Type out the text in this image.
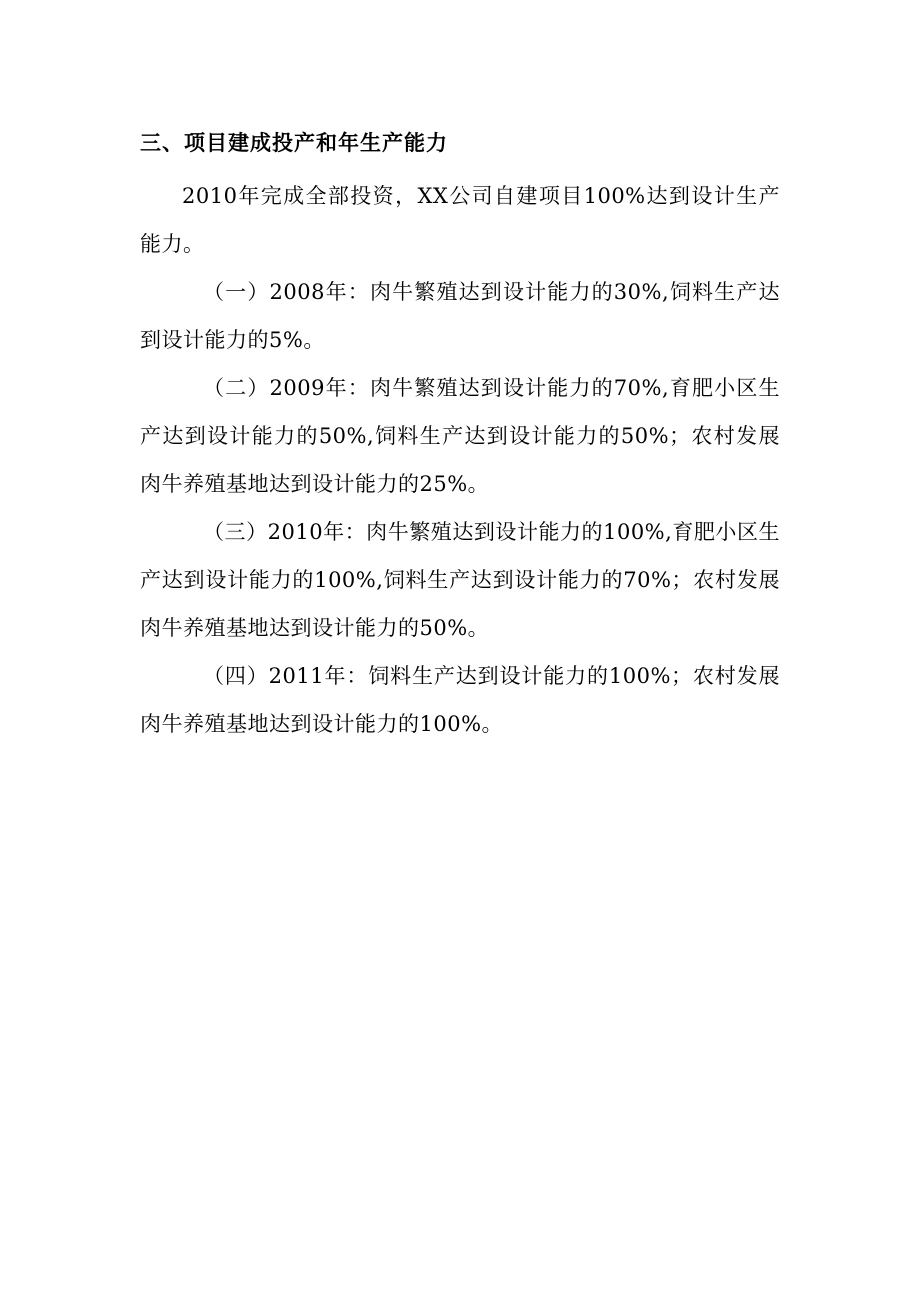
三、项目建成投产和年生产能力

2010年完成全部投资，XX公司自建项目100%达到设计生产能力。

（一）2008年：肉牛繁殖达到设计能力的30%,饲料生产达到设计能力的5%。

（二）2009年：肉牛繁殖达到设计能力的70%,育肥小区生产达到设计能力的50%,饲料生产达到设计能力的50%；农村发展肉牛养殖基地达到设计能力的25%。

（三）2010年：肉牛繁殖达到设计能力的100%,育肥小区生产达到设计能力的100%,饲料生产达到设计能力的70%；农村发展肉牛养殖基地达到设计能力的50%。

（四）2011年：饲料生产达到设计能力的100%；农村发展肉牛养殖基地达到设计能力的100%。
